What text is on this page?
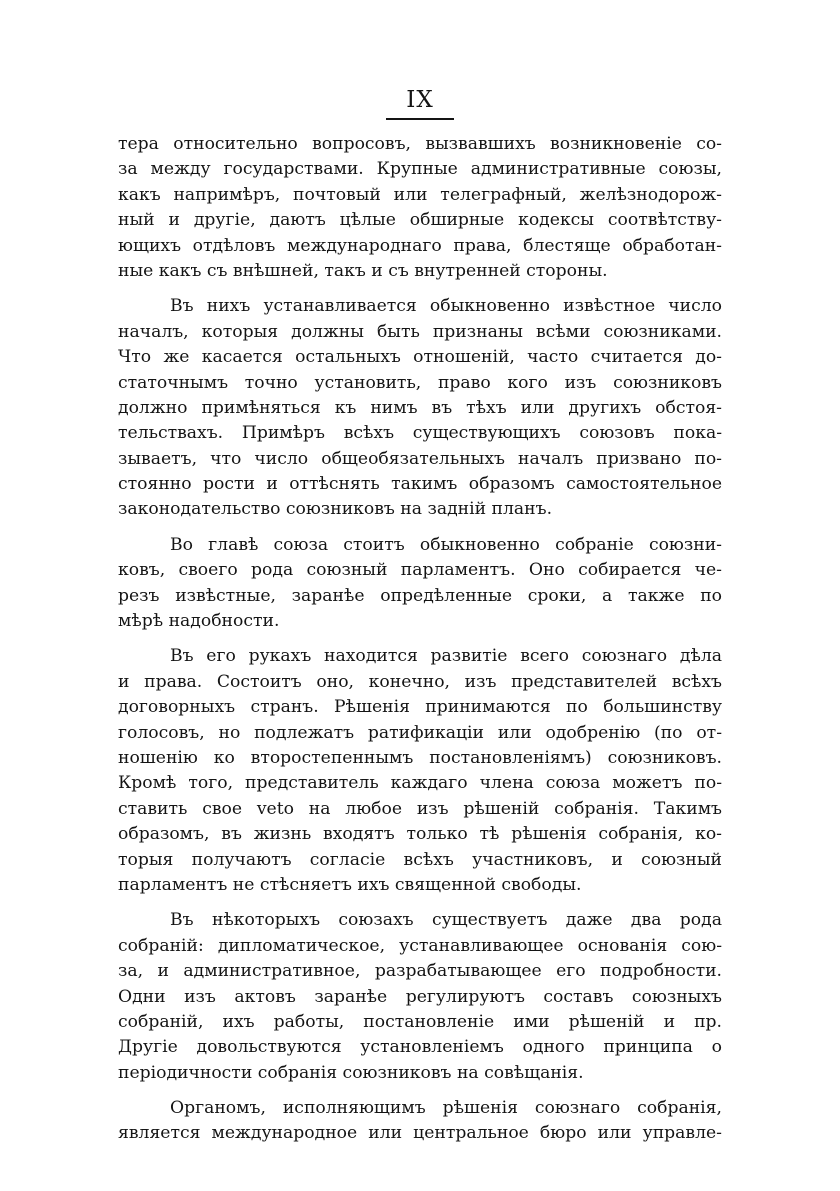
IX
тера относительно вопросовъ, вызвавшихъ возникновеніе со-
за между государствами. Крупные административные союзы,
какъ напримѣръ, почтовый или телеграфный, желѣзнодорож-
ный и другіе, даютъ цѣлые обширные кодексы соотвѣтству-
ющихъ отдѣловъ международнаго права, блестяще обработан-
ные какъ съ внѣшней, такъ и съ внутренней стороны.
Въ нихъ устанавливается обыкновенно извѣстное число
началъ, которыя должны быть признаны всѣми союзниками.
Что же касается остальныхъ отношеній, часто считается до-
статочнымъ точно установить, право кого изъ союзниковъ
должно примѣняться къ нимъ въ тѣхъ или другихъ обстоя-
тельствахъ. Примѣръ всѣхъ существующихъ союзовъ пока-
зываетъ, что число общеобязательныхъ началъ призвано по-
стоянно рости и оттѣснять такимъ образомъ самостоятельное
законодательство союзниковъ на задній планъ.
Во главѣ союза стоитъ обыкновенно собраніе союзни-
ковъ, своего рода союзный парламентъ. Оно собирается че-
резъ извѣстные, заранѣе опредѣленные сроки, а также по
мѣрѣ надобности.
Въ его рукахъ находится развитіе всего союзнаго дѣла
и права. Состоитъ оно, конечно, изъ представителей всѣхъ
договорныхъ странъ. Рѣшенія принимаются по большинству
голосовъ, но подлежатъ ратификаціи или одобренію (по от-
ношенію ко второстепеннымъ постановленіямъ) союзниковъ.
Кромѣ того, представитель каждаго члена союза можетъ по-
ставить свое veto на любое изъ рѣшеній собранія. Такимъ
образомъ, въ жизнь входятъ только тѣ рѣшенія собранія, ко-
торыя получаютъ согласіе всѣхъ участниковъ, и союзный
парламентъ не стѣсняетъ ихъ священной свободы.
Въ нѣкоторыхъ союзахъ существуетъ даже два рода
собраній: дипломатическое, устанавливающее основанія сою-
за, и административное, разрабатывающее его подробности.
Одни изъ актовъ заранѣе регулируютъ составъ союзныхъ
собраній, ихъ работы, постановленіе ими рѣшеній и пр.
Другіе довольствуются установленіемъ одного принципа о
періодичности собранія союзниковъ на совѣщанія.
Органомъ, исполняющимъ рѣшенія союзнаго собранія,
является международное или центральное бюро или управле-
